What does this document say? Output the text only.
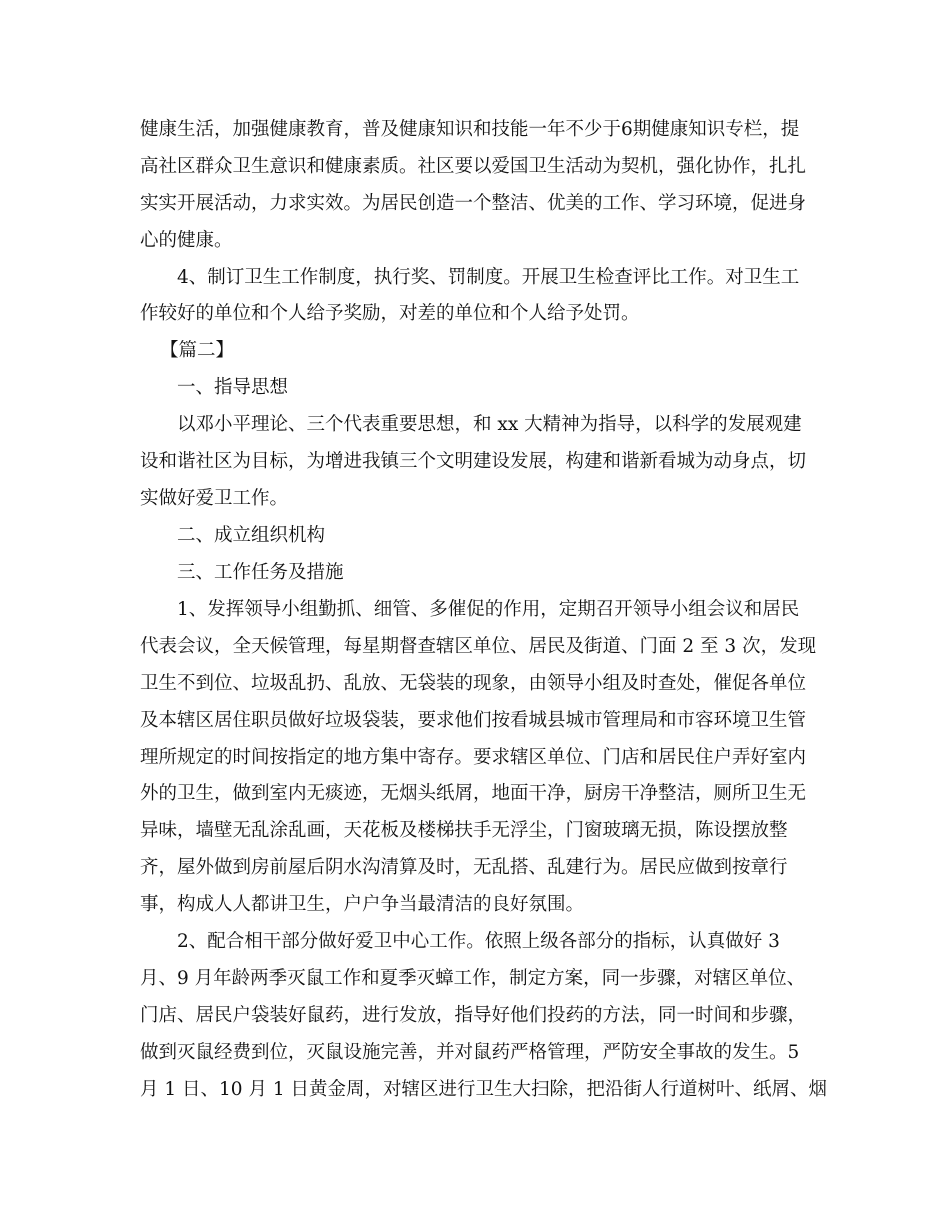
健康生活，加强健康教育，普及健康知识和技能一年不少于6期健康知识专栏，提
高社区群众卫生意识和健康素质。社区要以爱国卫生活动为契机，强化协作，扎扎
实实开展活动，力求实效。为居民创造一个整洁、优美的工作、学习环境，促进身
心的健康。
4、制订卫生工作制度，执行奖、罚制度。开展卫生检查评比工作。对卫生工
作较好的单位和个人给予奖励，对差的单位和个人给予处罚。
【篇二】
一、指导思想
以邓小平理论、三个代表重要思想，和 xx 大精神为指导，以科学的发展观建
设和谐社区为目标，为增进我镇三个文明建设发展，构建和谐新看城为动身点，切
实做好爱卫工作。
二、成立组织机构
三、工作任务及措施
1、发挥领导小组勤抓、细管、多催促的作用，定期召开领导小组会议和居民
代表会议，全天候管理，每星期督查辖区单位、居民及街道、门面 2 至 3 次，发现
卫生不到位、垃圾乱扔、乱放、无袋装的现象，由领导小组及时查处，催促各单位
及本辖区居住职员做好垃圾袋装，要求他们按看城县城市管理局和市容环境卫生管
理所规定的时间按指定的地方集中寄存。要求辖区单位、门店和居民住户弄好室内
外的卫生，做到室内无痰迹，无烟头纸屑，地面干净，厨房干净整洁，厕所卫生无
异味，墙壁无乱涂乱画，天花板及楼梯扶手无浮尘，门窗玻璃无损，陈设摆放整
齐，屋外做到房前屋后阴水沟清算及时，无乱搭、乱建行为。居民应做到按章行
事，构成人人都讲卫生，户户争当最清洁的良好氛围。
2、配合相干部分做好爱卫中心工作。依照上级各部分的指标，认真做好 3
月、9 月年龄两季灭鼠工作和夏季灭蟑工作，制定方案，同一步骤，对辖区单位、
门店、居民户袋装好鼠药，进行发放，指导好他们投药的方法，同一时间和步骤，
做到灭鼠经费到位，灭鼠设施完善，并对鼠药严格管理，严防安全事故的发生。5
月 1 日、10 月 1 日黄金周，对辖区进行卫生大扫除，把沿街人行道树叶、纸屑、烟
